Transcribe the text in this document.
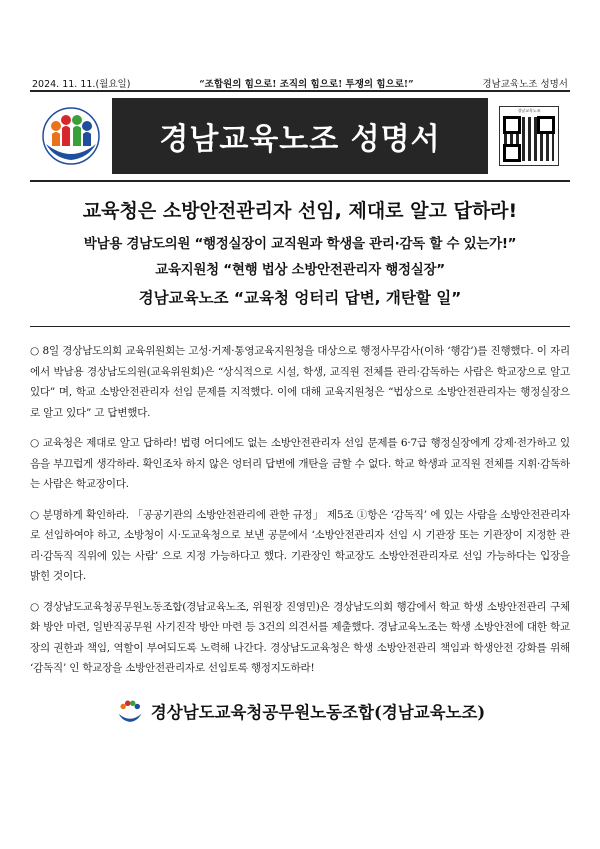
2024. 11. 11.(월요일)	“조합원의 힘으로! 조직의 힘으로! 투쟁의 힘으로!”	경남교육노조 성명서
경남교육노조 성명서
경남교육노조
교육청은 소방안전관리자 선임, 제대로 알고 답하라!
박남용 경남도의원 “행정실장이 교직원과 학생을 관리·감독 할 수 있는가!”
교육지원청 “현행 법상 소방안전관리자 행정실장”
경남교육노조 “교육청 엉터리 답변, 개탄할 일”

○ 8일 경상남도의회 교육위원회는 고성·거제·통영교육지원청을 대상으로 행정사무감사(이하 ‘행감’)를 진행했다. 이 자리에서 박남용 경상남도의원(교육위원회)은 “상식적으로 시설, 학생, 교직원 전체를 관리·감독하는 사람은 학교장으로 알고 있다” 며, 학교 소방안전관리자 선임 문제를 지적했다. 이에 대해 교육지원청은 “법상으로 소방안전관리자는 행정실장으로 알고 있다” 고 답변했다.

○ 교육청은 제대로 알고 답하라! 법령 어디에도 없는 소방안전관리자 선임 문제를 6·7급 행정실장에게 강제·전가하고 있음을 부끄럽게 생각하라. 확인조차 하지 않은 엉터리 답변에 개탄을 금할 수 없다. 학교 학생과 교직원 전체를 지휘·감독하는 사람은 학교장이다.

○ 분명하게 확인하라. 「공공기관의 소방안전관리에 관한 규정」 제5조 ①항은 ‘감독직’ 에 있는 사람을 소방안전관리자로 선임하여야 하고, 소방청이 시·도교육청으로 보낸 공문에서 ‘소방안전관리자 선임 시 기관장 또는 기관장이 지정한 관리·감독직 직위에 있는 사람’ 으로 지정 가능하다고 했다. 기관장인 학교장도 소방안전관리자로 선임 가능하다는 입장을 밝힌 것이다.

○ 경상남도교육청공무원노동조합(경남교육노조, 위원장 진영민)은 경상남도의회 행감에서 학교 학생 소방안전관리 구체화 방안 마련, 일반직공무원 사기진작 방안 마련 등 3건의 의견서를 제출했다. 경남교육노조는 학생 소방안전에 대한 학교장의 권한과 책임, 역할이 부여되도록 노력해 나간다. 경상남도교육청은 학생 소방안전관리 책임과 학생안전 강화를 위해 ‘감독직’ 인 학교장을 소방안전관리자로 선임토록 행정지도하라!

경상남도교육청공무원노동조합(경남교육노조)
